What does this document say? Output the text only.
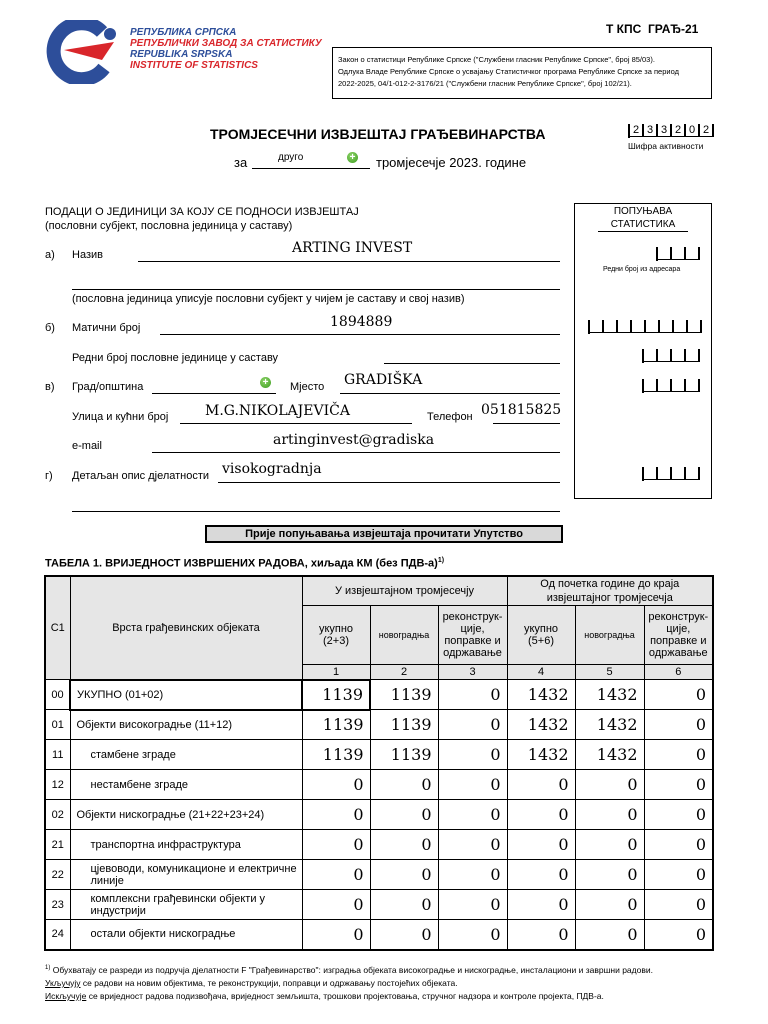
РЕПУБЛИКА СРПСКА
РЕПУБЛИЧКИ ЗАВОД ЗА СТАТИСТИКУ
REPUBLIKA SRPSKA
INSTITUTE OF STATISTICS
Т КПС  ГРАЂ-21
Закон о статистици Републике Српске ("Службени гласник Републике Српске", број 85/03).
Одлука Владе Републике Српске о усвајању Статистичког програма Републике Српске за период
2022-2025, 04/1-012-2-3176/21 ("Службени гласник Републике Српске", број 102/21).
ТРОМЈЕСЕЧНИ ИЗВЈЕШТАЈ ГРАЂЕВИНАРСТВА
за	друго	+ тромјесечје 2023. године
2 3 3 2 0 2
Шифра активности
ПОДАЦИ О ЈЕДИНИЦИ ЗА КОЈУ СЕ ПОДНОСИ ИЗВЈЕШТАЈ
(пословни субјект, пословна јединица у саставу)
а) Назив	ARTING INVEST
(пословна јединица уписује пословни субјект у чијем је саставу и свој назив)
б) Матични број	1894889
Редни број пословне јединице у саставу
в) Град/општина	+ Мјесто GRADIŠKA
Улица и кућни број	M.G.NIKOLAJEVIČA	Телефон 051815825
e-mail	artinginvest@gradiska
г) Детаљан опис дјелатности visokogradnja
ПОПУЊАВА СТАТИСТИКА
Редни број из адресара
Прије попуњавања извјештаја прочитати Упутство
ТАБЕЛА 1. ВРИЈЕДНОСТ ИЗВРШЕНИХ РАДОВА, хиљада КМ (без ПДВ-а)$^{1)}$
С1	Врста грађевинских објеката	У извјештајном тромјесечју			Од почетка године до краја извјештајног тромјесечја		
		укупно (2+3)	новоградња	реконструк-ције, поправке и одржавање	укупно (5+6)	новоградња	реконструк-ције, поправке и одржавање
		1	2	3	4	5	6
00	УКУПНО (01+02)	1139	1139	0	1432	1432	0
01	Објекти високоградње (11+12)	1139	1139	0	1432	1432	0
11	стамбене зграде	1139	1139	0	1432	1432	0
12	нестамбене зграде	0	0	0	0	0	0
02	Објекти нискоградње (21+22+23+24)	0	0	0	0	0	0
21	транспортна инфраструктура	0	0	0	0	0	0
22	цјевоводи, комуникационе и електричне линије	0	0	0	0	0	0
23	комплексни грађевински објекти у индустрији	0	0	0	0	0	0
24	остали објекти нискоградње	0	0	0	0	0	0
$^{1)}$ Обухватају се разреди из подручја дјелатности F "Грађевинарство": изградња објеката високоградње и нискоградње, инсталациони и завршни радови.
Укључују се радови на новим објектима, те реконструкцији, поправци и одржавању постојећих објеката.
Искључује се вриједност радова подизвођача, вриједност земљишта, трошкови пројектовања, стручног надзора и контроле пројекта, ПДВ-а.
